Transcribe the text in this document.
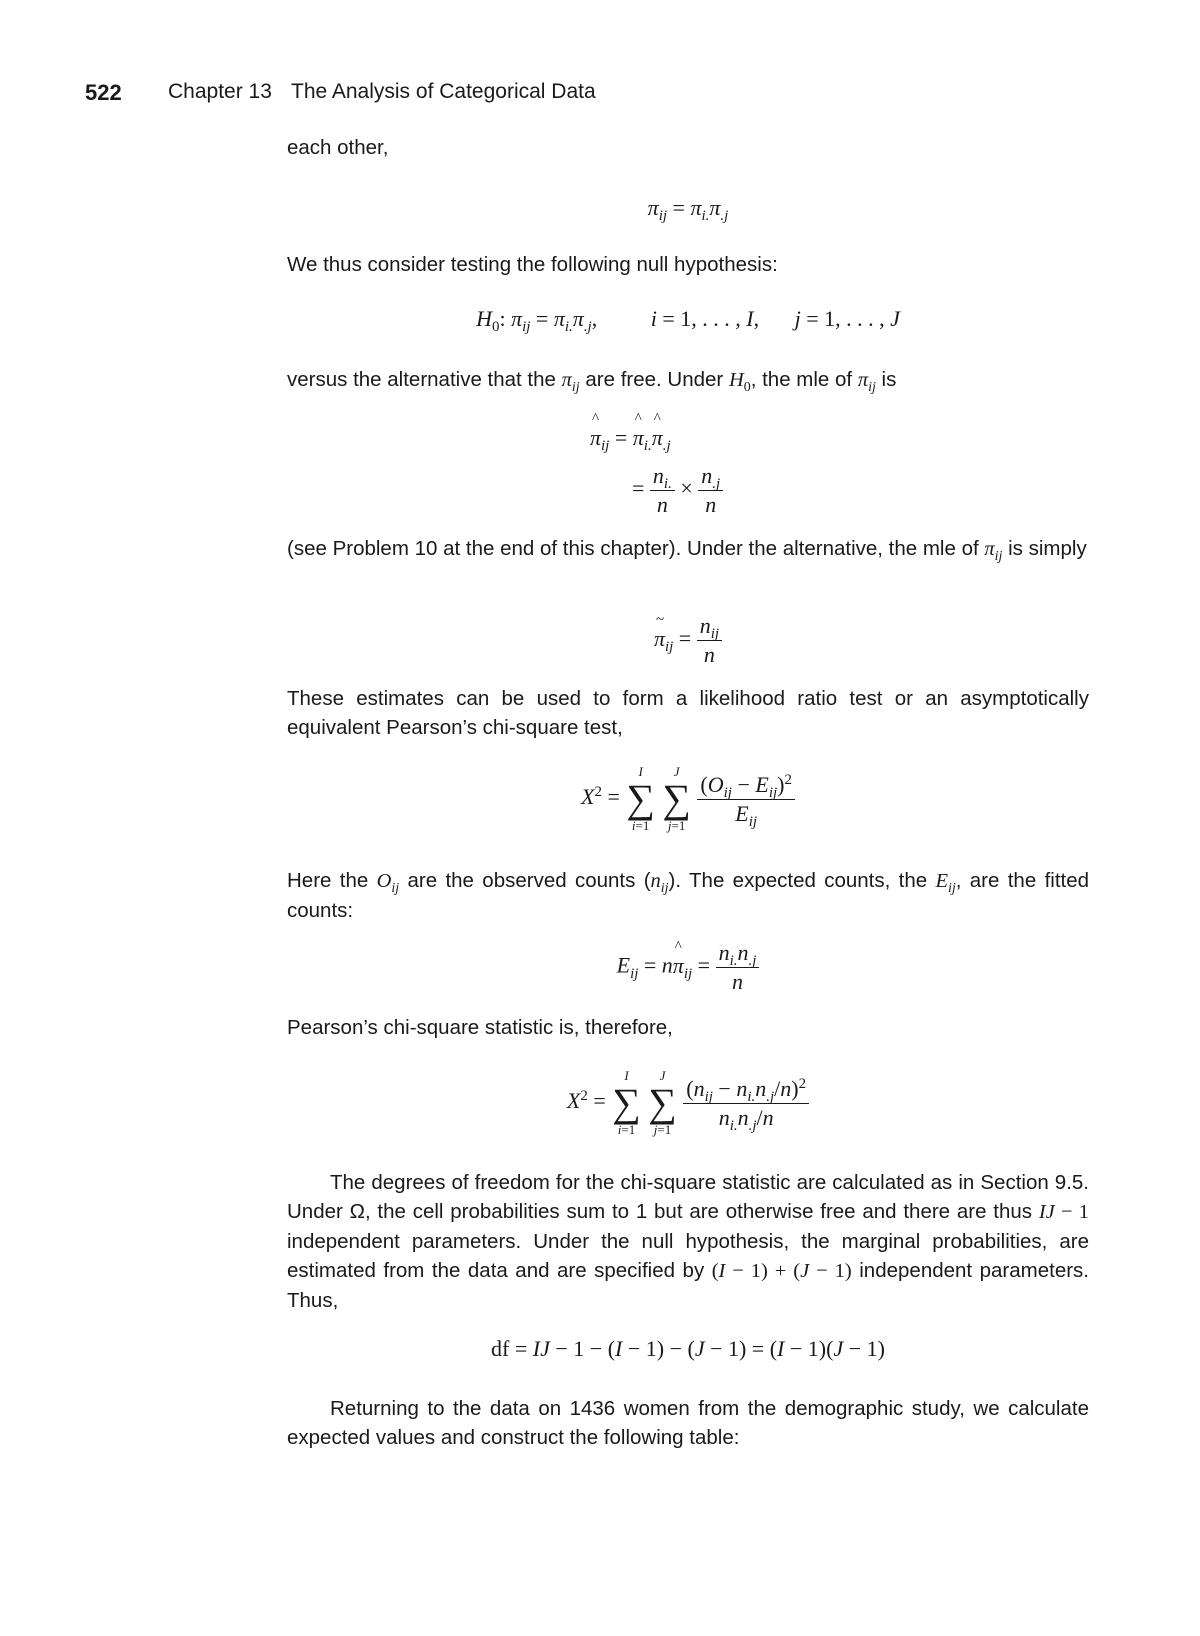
522 Chapter 13 The Analysis of Categorical Data
each other,
$\pi_{ij} = \pi_{i.}\pi_{.j}$
We thus consider testing the following null hypothesis:
$H_0$: $\pi_{ij} = \pi_{i.}\pi_{.j}$, i = 1, . . . , I, j = 1, . . . , J
versus the alternative that the $\pi_{ij}$ are free. Under $H_0$, the mle of $\pi_{ij}$ is
^ $\pi_{ij}$ = ^ $\pi_{i.}\^{}$ $\pi_{.j}$
= $\frac{n_{i.}}{n} \times \frac{n_{.j}}{n}$
(see Problem 10 at the end of this chapter). Under the alternative, the mle of $\pi_{ij}$ is simply
~ $\pi_{ij} = \frac{n_{ij}}{n}$
These estimates can be used to form a likelihood ratio test or an asymptotically equivalent Pearson’s chi-square test,
$X^2$ =
I
∑
i=1

J
∑
j=1
$\frac{(O_{ij} - E_{ij})^2}{E_{ij}}$
Here the $O_{ij}$ are the observed counts $(n_{ij})$. The expected counts, the $E_{ij}$, are the fitted counts:
$E_{ij}$ = n^ $\pi_{ij} = \frac{n_{i.}n_{.j}}{n}$
Pearson’s chi-square statistic is, therefore,
$X^2$ =
I
∑
i=1

J
∑
j=1
$\frac{(n_{ij} - n_{i.}n_{.j}/n)^2}{n_{i.}n_{.j}/n}$
The degrees of freedom for the chi-square statistic are calculated as in Section 9.5. Under Ω, the cell probabilities sum to 1 but are otherwise free and there are thus IJ − 1 independent parameters. Under the null hypothesis, the marginal probabilities, are estimated from the data and are specified by (I − 1) + (J − 1) independent parameters. Thus,
df = IJ − 1 − (I − 1) − (J − 1) = (I − 1)(J − 1)
Returning to the data on 1436 women from the demographic study, we calculate expected values and construct the following table:
